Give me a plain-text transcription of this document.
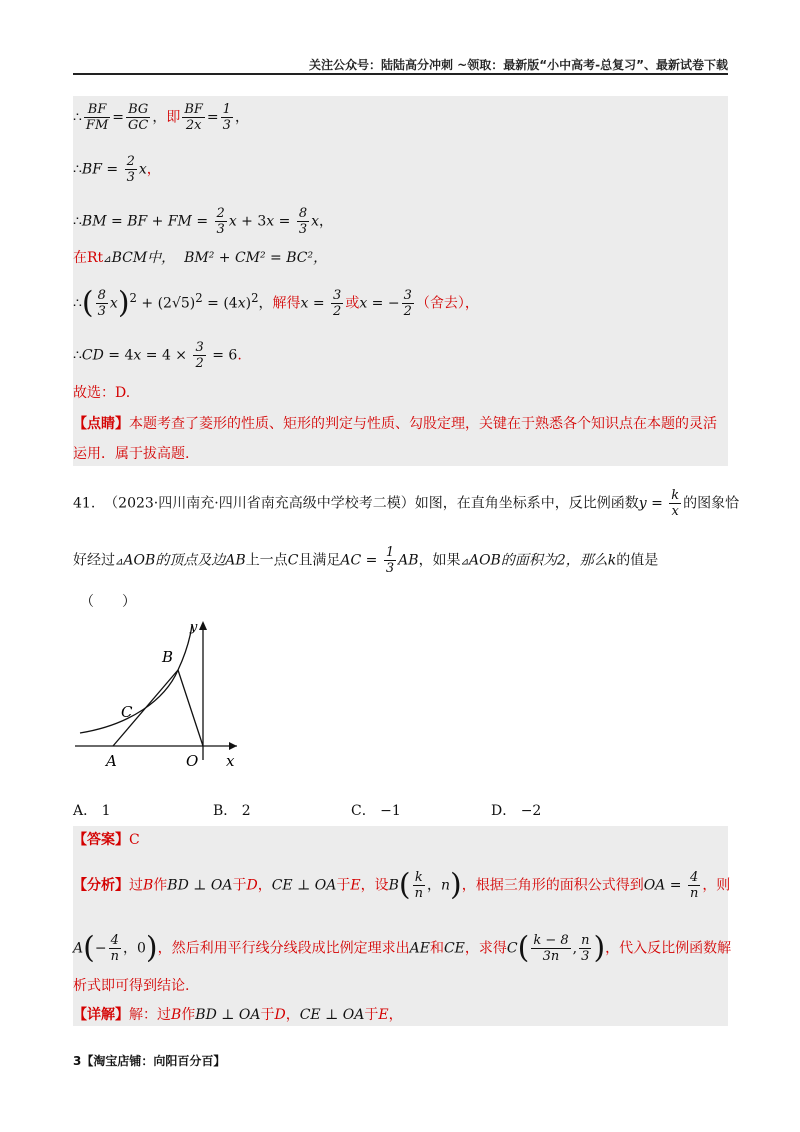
关注公众号：陆陆高分冲刺 ~领取：最新版“小中高考-总复习”、最新试卷下载
∴ $\frac{BF}{FM} = \frac{BG}{GC}$ ，即 $\frac{BF}{2x} = \frac{1}{3}$ ，
∴BF = $\frac{2}{3}$ x，
∴BM = BF + FM = $\frac{2}{3}$ $x + 3x = \frac{8}{3}$ x，
在Rt⊿BCM中， BM² + CM² = BC²，
∴( $\frac{8}{3} x)^2 + (2√5)^2 = (4x)^2$，解得$x = \frac{3}{2}$ 或x = − $\frac{3}{2}$ （舍去），
∴CD = $4x = 4 \times \frac{3}{2} = 6$.
故选：D.
【点睛】本题考查了菱形的性质、矩形的判定与性质、勾股定理，关键在于熟悉各个知识点在本题的灵活
运用．属于拔高题.
41. （2023·四川南充·四川省南充高级中学校考二模）如图，在直角坐标系中，反比例函数$y = \frac{k}{x}$ 的图象恰
好经过⊿AOB的顶点及边AB上一点C且满足AC = $\frac{1}{3}$ AB，如果⊿AOB的面积为2，那么k的值是
（　　）
B
C
A	O x
y
A． 1	B． 2	C． −1	D． −2
【答案】C
【分析】过B作BD ⊥ OA于D，CE ⊥ OA于E，设$B( \frac{k}{n}$ ，n)，根据三角形的面积公式得到OA = $\frac{4}{n}$ ，则
$A(- \frac{4}{n}$ ，0)，然后利用平行线分线段成比例定理求出AE和CE，求得$C( \frac{k - 8}{3n}$ , $\frac{n}{3}$ )，代入反比例函数解
析式即可得到结论.
【详解】解：过B作BD ⊥ OA于D，CE ⊥ OA于E，
3【淘宝店铺：向阳百分百】
